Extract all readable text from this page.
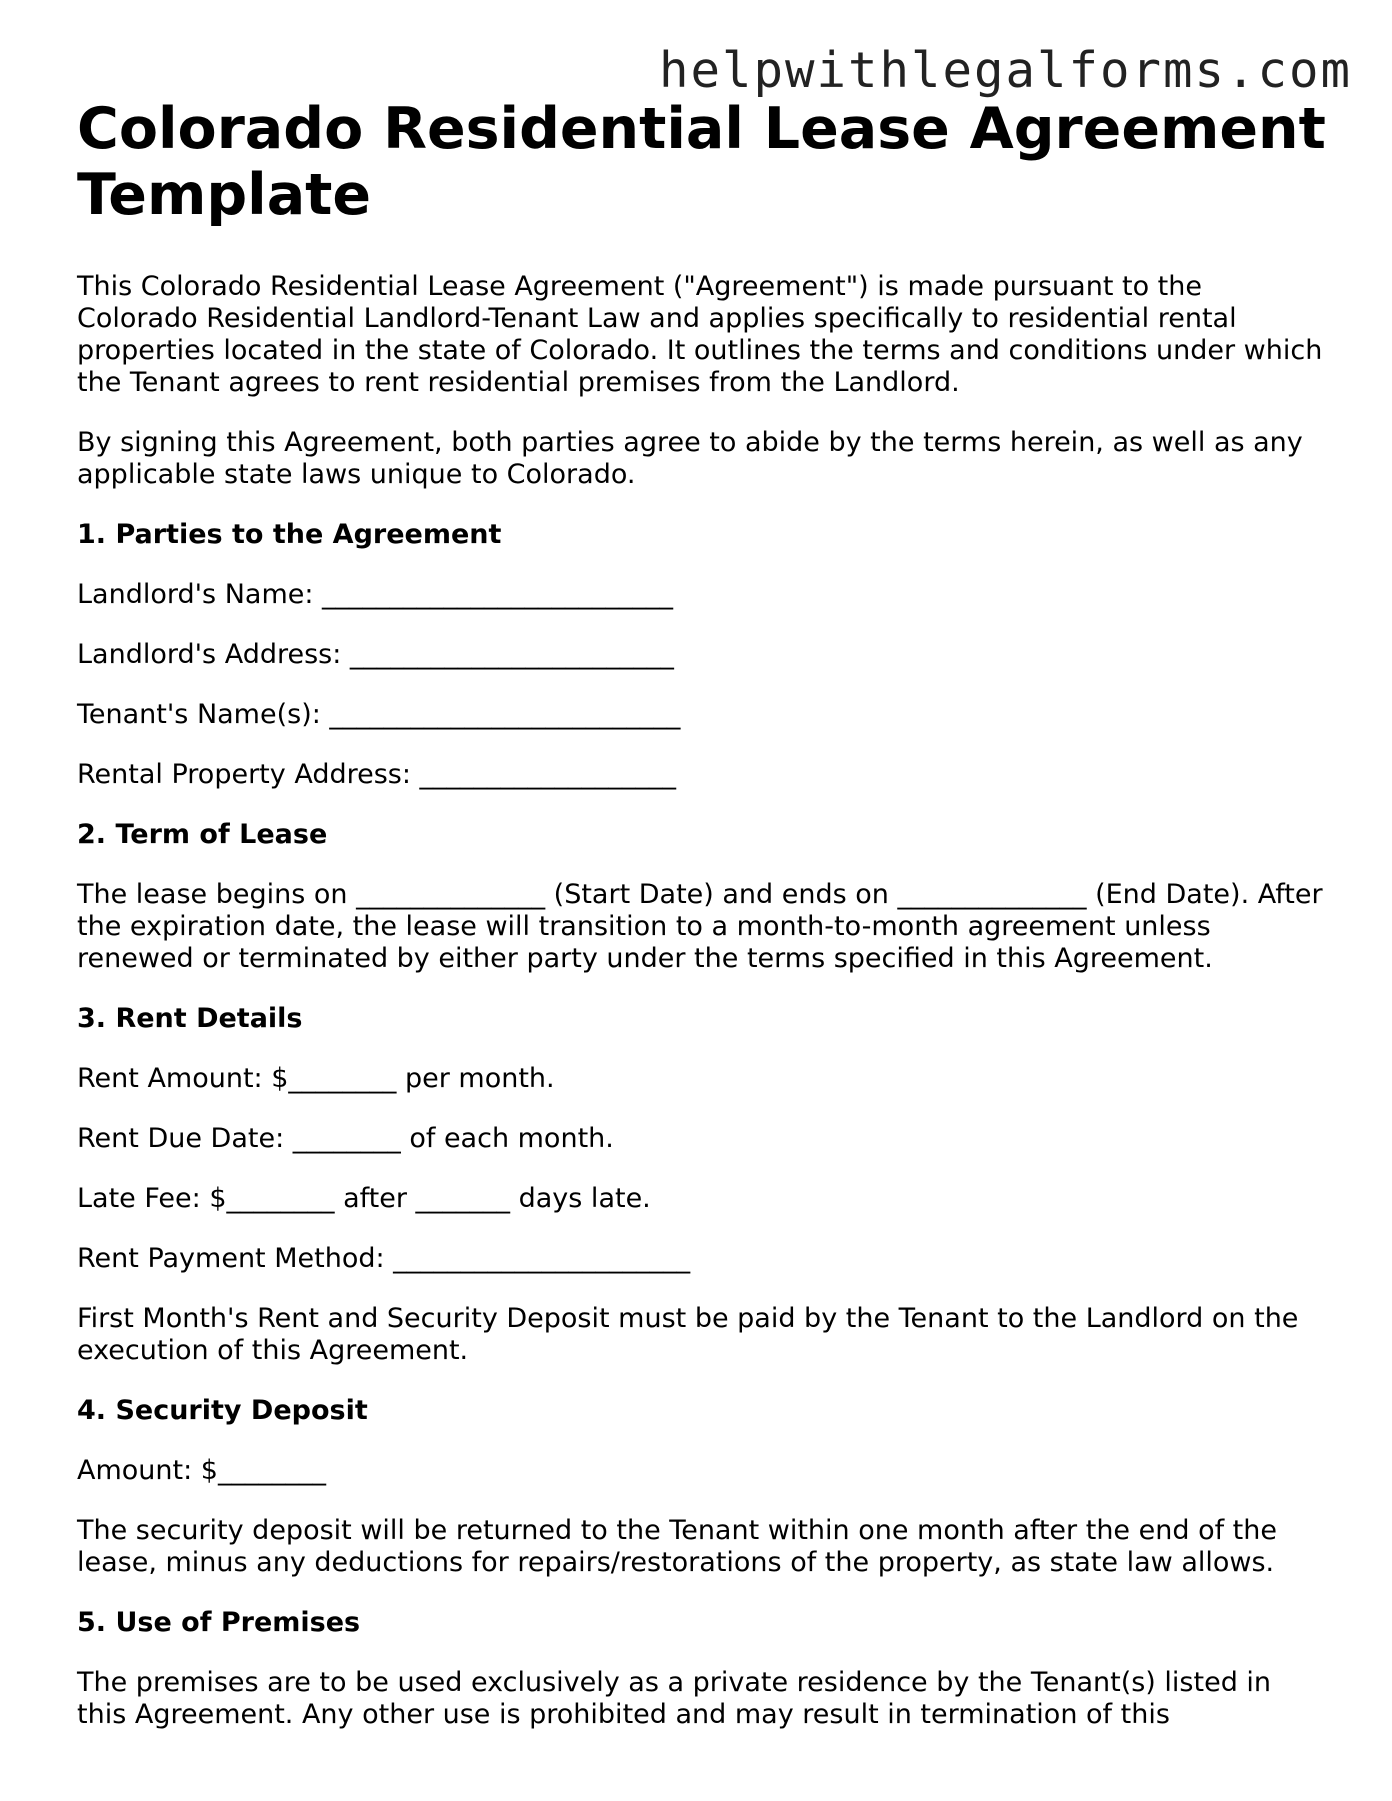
helpwithlegalforms.com
Colorado Residential Lease Agreement Template

This Colorado Residential Lease Agreement ("Agreement") is made pursuant to the Colorado Residential Landlord-Tenant Law and applies specifically to residential rental properties located in the state of Colorado. It outlines the terms and conditions under which the Tenant agrees to rent residential premises from the Landlord.

By signing this Agreement, both parties agree to abide by the terms herein, as well as any applicable state laws unique to Colorado.

1. Parties to the Agreement

Landlord's Name: __________________________

Landlord's Address: ________________________

Tenant's Name(s): __________________________

Rental Property Address: ___________________

2. Term of Lease

The lease begins on ______________ (Start Date) and ends on ______________ (End Date). After the expiration date, the lease will transition to a month-to-month agreement unless renewed or terminated by either party under the terms specified in this Agreement.

3. Rent Details

Rent Amount: $________ per month.

Rent Due Date: ________ of each month.

Late Fee: $________ after _______ days late.

Rent Payment Method: ______________________

First Month's Rent and Security Deposit must be paid by the Tenant to the Landlord on the execution of this Agreement.

4. Security Deposit

Amount: $________

The security deposit will be returned to the Tenant within one month after the end of the lease, minus any deductions for repairs/restorations of the property, as state law allows.

5. Use of Premises

The premises are to be used exclusively as a private residence by the Tenant(s) listed in this Agreement. Any other use is prohibited and may result in termination of this
